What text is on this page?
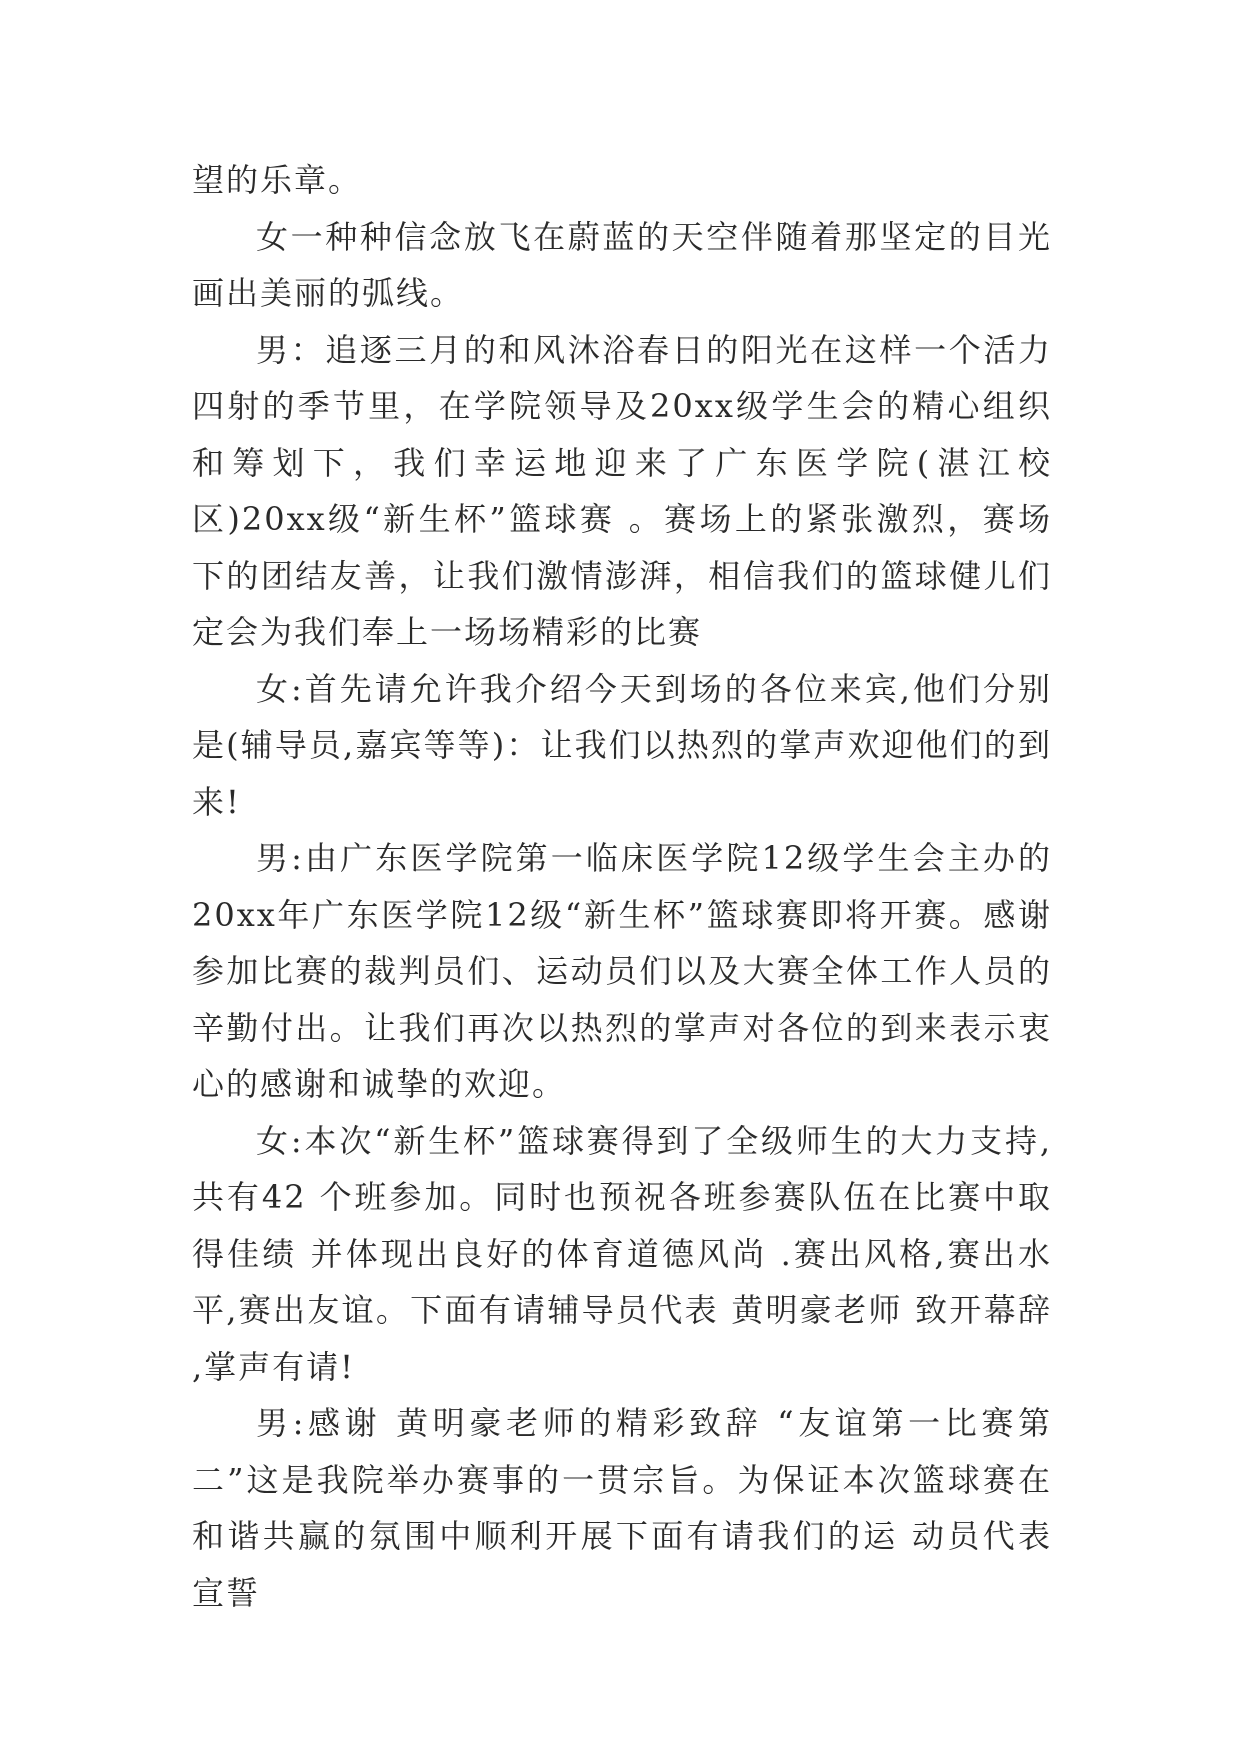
望的乐章。

女一种种信念放飞在蔚蓝的天空伴随着那坚定的目光画出美丽的弧线。

男：追逐三月的和风沐浴春日的阳光在这样一个活力四射的季节里，在学院领导及20xx级学生会的精心组织和筹划下，我们幸运地迎来了广东医学院(湛江校区)20xx级“新生杯”篮球赛 。赛场上的紧张激烈，赛场下的团结友善，让我们激情澎湃，相信我们的篮球健儿们定会为我们奉上一场场精彩的比赛

女:首先请允许我介绍今天到场的各位来宾,他们分别是(辅导员,嘉宾等等)：让我们以热烈的掌声欢迎他们的到来!

男:由广东医学院第一临床医学院12级学生会主办的20xx年广东医学院12级“新生杯”篮球赛即将开赛。感谢参加比赛的裁判员们、运动员们以及大赛全体工作人员的辛勤付出。让我们再次以热烈的掌声对各位的到来表示衷心的感谢和诚挚的欢迎。

女:本次“新生杯”篮球赛得到了全级师生的大力支持,共有42 个班参加。同时也预祝各班参赛队伍在比赛中取得佳绩 并体现出良好的体育道德风尚 .赛出风格,赛出水平,赛出友谊。下面有请辅导员代表 黄明豪老师 致开幕辞 ,掌声有请!

男:感谢 黄明豪老师的精彩致辞 “友谊第一比赛第二”这是我院举办赛事的一贯宗旨。为保证本次篮球赛在和谐共赢的氛围中顺利开展下面有请我们的运 动员代表 宣誓
